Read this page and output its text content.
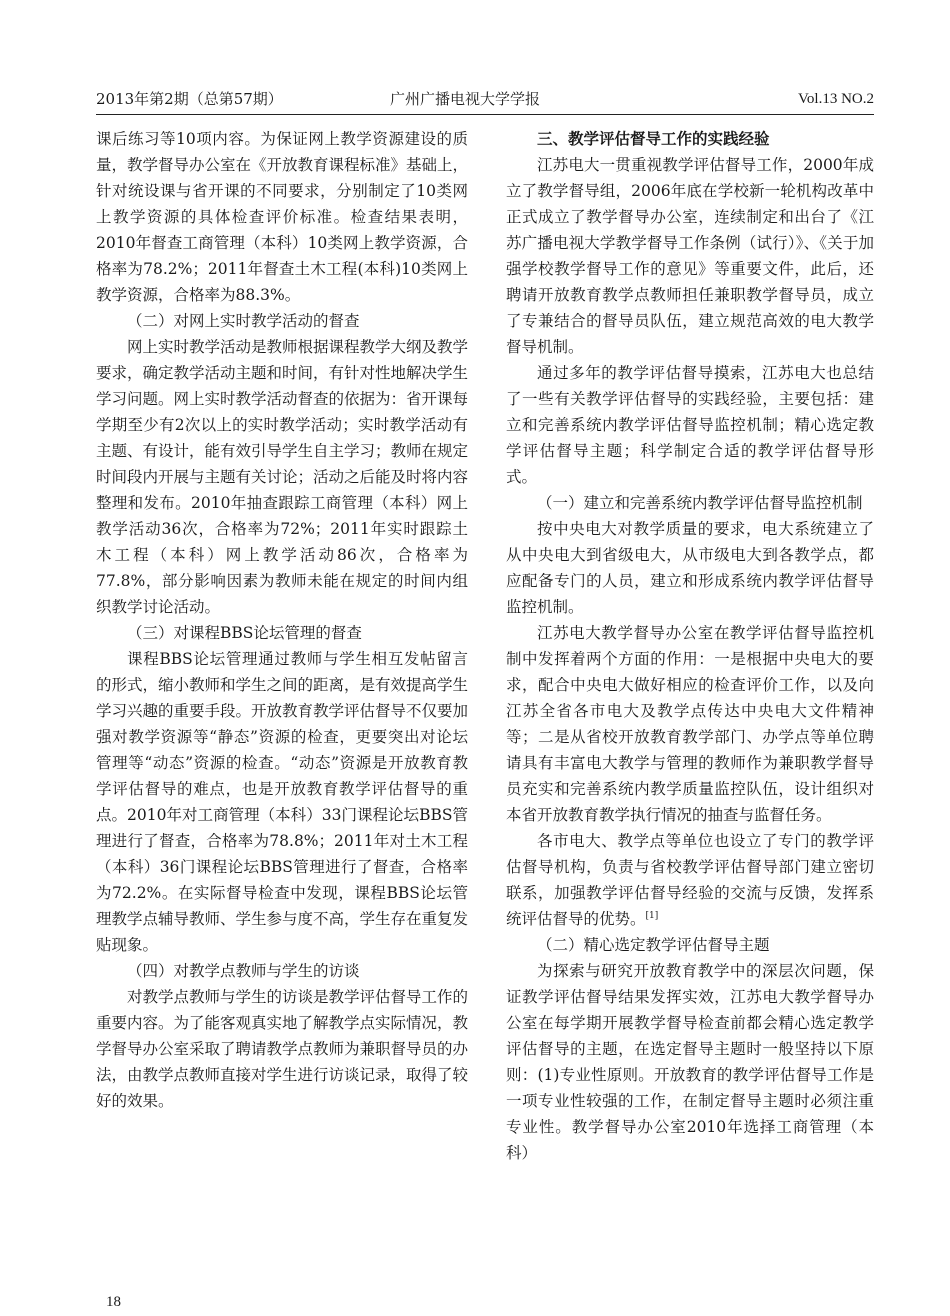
2013年第2期（总第57期）	广州广播电视大学学报	Vol.13 NO.2

课后练习等10项内容。为保证网上教学资源建设的质量，教学督导办公室在《开放教育课程标准》基础上，针对统设课与省开课的不同要求，分别制定了10类网上教学资源的具体检查评价标准。检查结果表明，2010年督查工商管理（本科）10类网上教学资源，合格率为78.2%；2011年督查土木工程(本科)10类网上教学资源，合格率为88.3%。

（二）对网上实时教学活动的督查

网上实时教学活动是教师根据课程教学大纲及教学要求，确定教学活动主题和时间，有针对性地解决学生学习问题。网上实时教学活动督查的依据为：省开课每学期至少有2次以上的实时教学活动；实时教学活动有主题、有设计，能有效引导学生自主学习；教师在规定时间段内开展与主题有关讨论；活动之后能及时将内容整理和发布。2010年抽查跟踪工商管理（本科）网上教学活动36次，合格率为72%；2011年实时跟踪土木工程（本科）网上教学活动86次，合格率为77.8%，部分影响因素为教师未能在规定的时间内组织教学讨论活动。

（三）对课程BBS论坛管理的督查

课程BBS论坛管理通过教师与学生相互发帖留言的形式，缩小教师和学生之间的距离，是有效提高学生学习兴趣的重要手段。开放教育教学评估督导不仅要加强对教学资源等“静态”资源的检查，更要突出对论坛管理等“动态”资源的检查。“动态”资源是开放教育教学评估督导的难点，也是开放教育教学评估督导的重点。2010年对工商管理（本科）33门课程论坛BBS管理进行了督查，合格率为78.8%；2011年对土木工程（本科）36门课程论坛BBS管理进行了督查，合格率为72.2%。在实际督导检查中发现，课程BBS论坛管理教学点辅导教师、学生参与度不高，学生存在重复发贴现象。

（四）对教学点教师与学生的访谈

对教学点教师与学生的访谈是教学评估督导工作的重要内容。为了能客观真实地了解教学点实际情况，教学督导办公室采取了聘请教学点教师为兼职督导员的办法，由教学点教师直接对学生进行访谈记录，取得了较好的效果。

三、教学评估督导工作的实践经验

江苏电大一贯重视教学评估督导工作，2000年成立了教学督导组，2006年底在学校新一轮机构改革中正式成立了教学督导办公室，连续制定和出台了《江苏广播电视大学教学督导工作条例（试行）》、《关于加强学校教学督导工作的意见》等重要文件，此后，还聘请开放教育教学点教师担任兼职教学督导员，成立了专兼结合的督导员队伍，建立规范高效的电大教学督导机制。

通过多年的教学评估督导摸索，江苏电大也总结了一些有关教学评估督导的实践经验，主要包括：建立和完善系统内教学评估督导监控机制；精心选定教学评估督导主题；科学制定合适的教学评估督导形式。

（一）建立和完善系统内教学评估督导监控机制

按中央电大对教学质量的要求，电大系统建立了从中央电大到省级电大，从市级电大到各教学点，都应配备专门的人员，建立和形成系统内教学评估督导监控机制。

江苏电大教学督导办公室在教学评估督导监控机制中发挥着两个方面的作用：一是根据中央电大的要求，配合中央电大做好相应的检查评价工作，以及向江苏全省各市电大及教学点传达中央电大文件精神等；二是从省校开放教育教学部门、办学点等单位聘请具有丰富电大教学与管理的教师作为兼职教学督导员充实和完善系统内教学质量监控队伍，设计组织对本省开放教育教学执行情况的抽查与监督任务。

各市电大、教学点等单位也设立了专门的教学评估督导机构，负责与省校教学评估督导部门建立密切联系，加强教学评估督导经验的交流与反馈，发挥系统评估督导的优势。[1]

（二）精心选定教学评估督导主题

为探索与研究开放教育教学中的深层次问题，保证教学评估督导结果发挥实效，江苏电大教学督导办公室在每学期开展教学督导检查前都会精心选定教学评估督导的主题，在选定督导主题时一般坚持以下原则：(1)专业性原则。开放教育的教学评估督导工作是一项专业性较强的工作，在制定督导主题时必须注重专业性。教学督导办公室2010年选择工商管理（本科）

18
